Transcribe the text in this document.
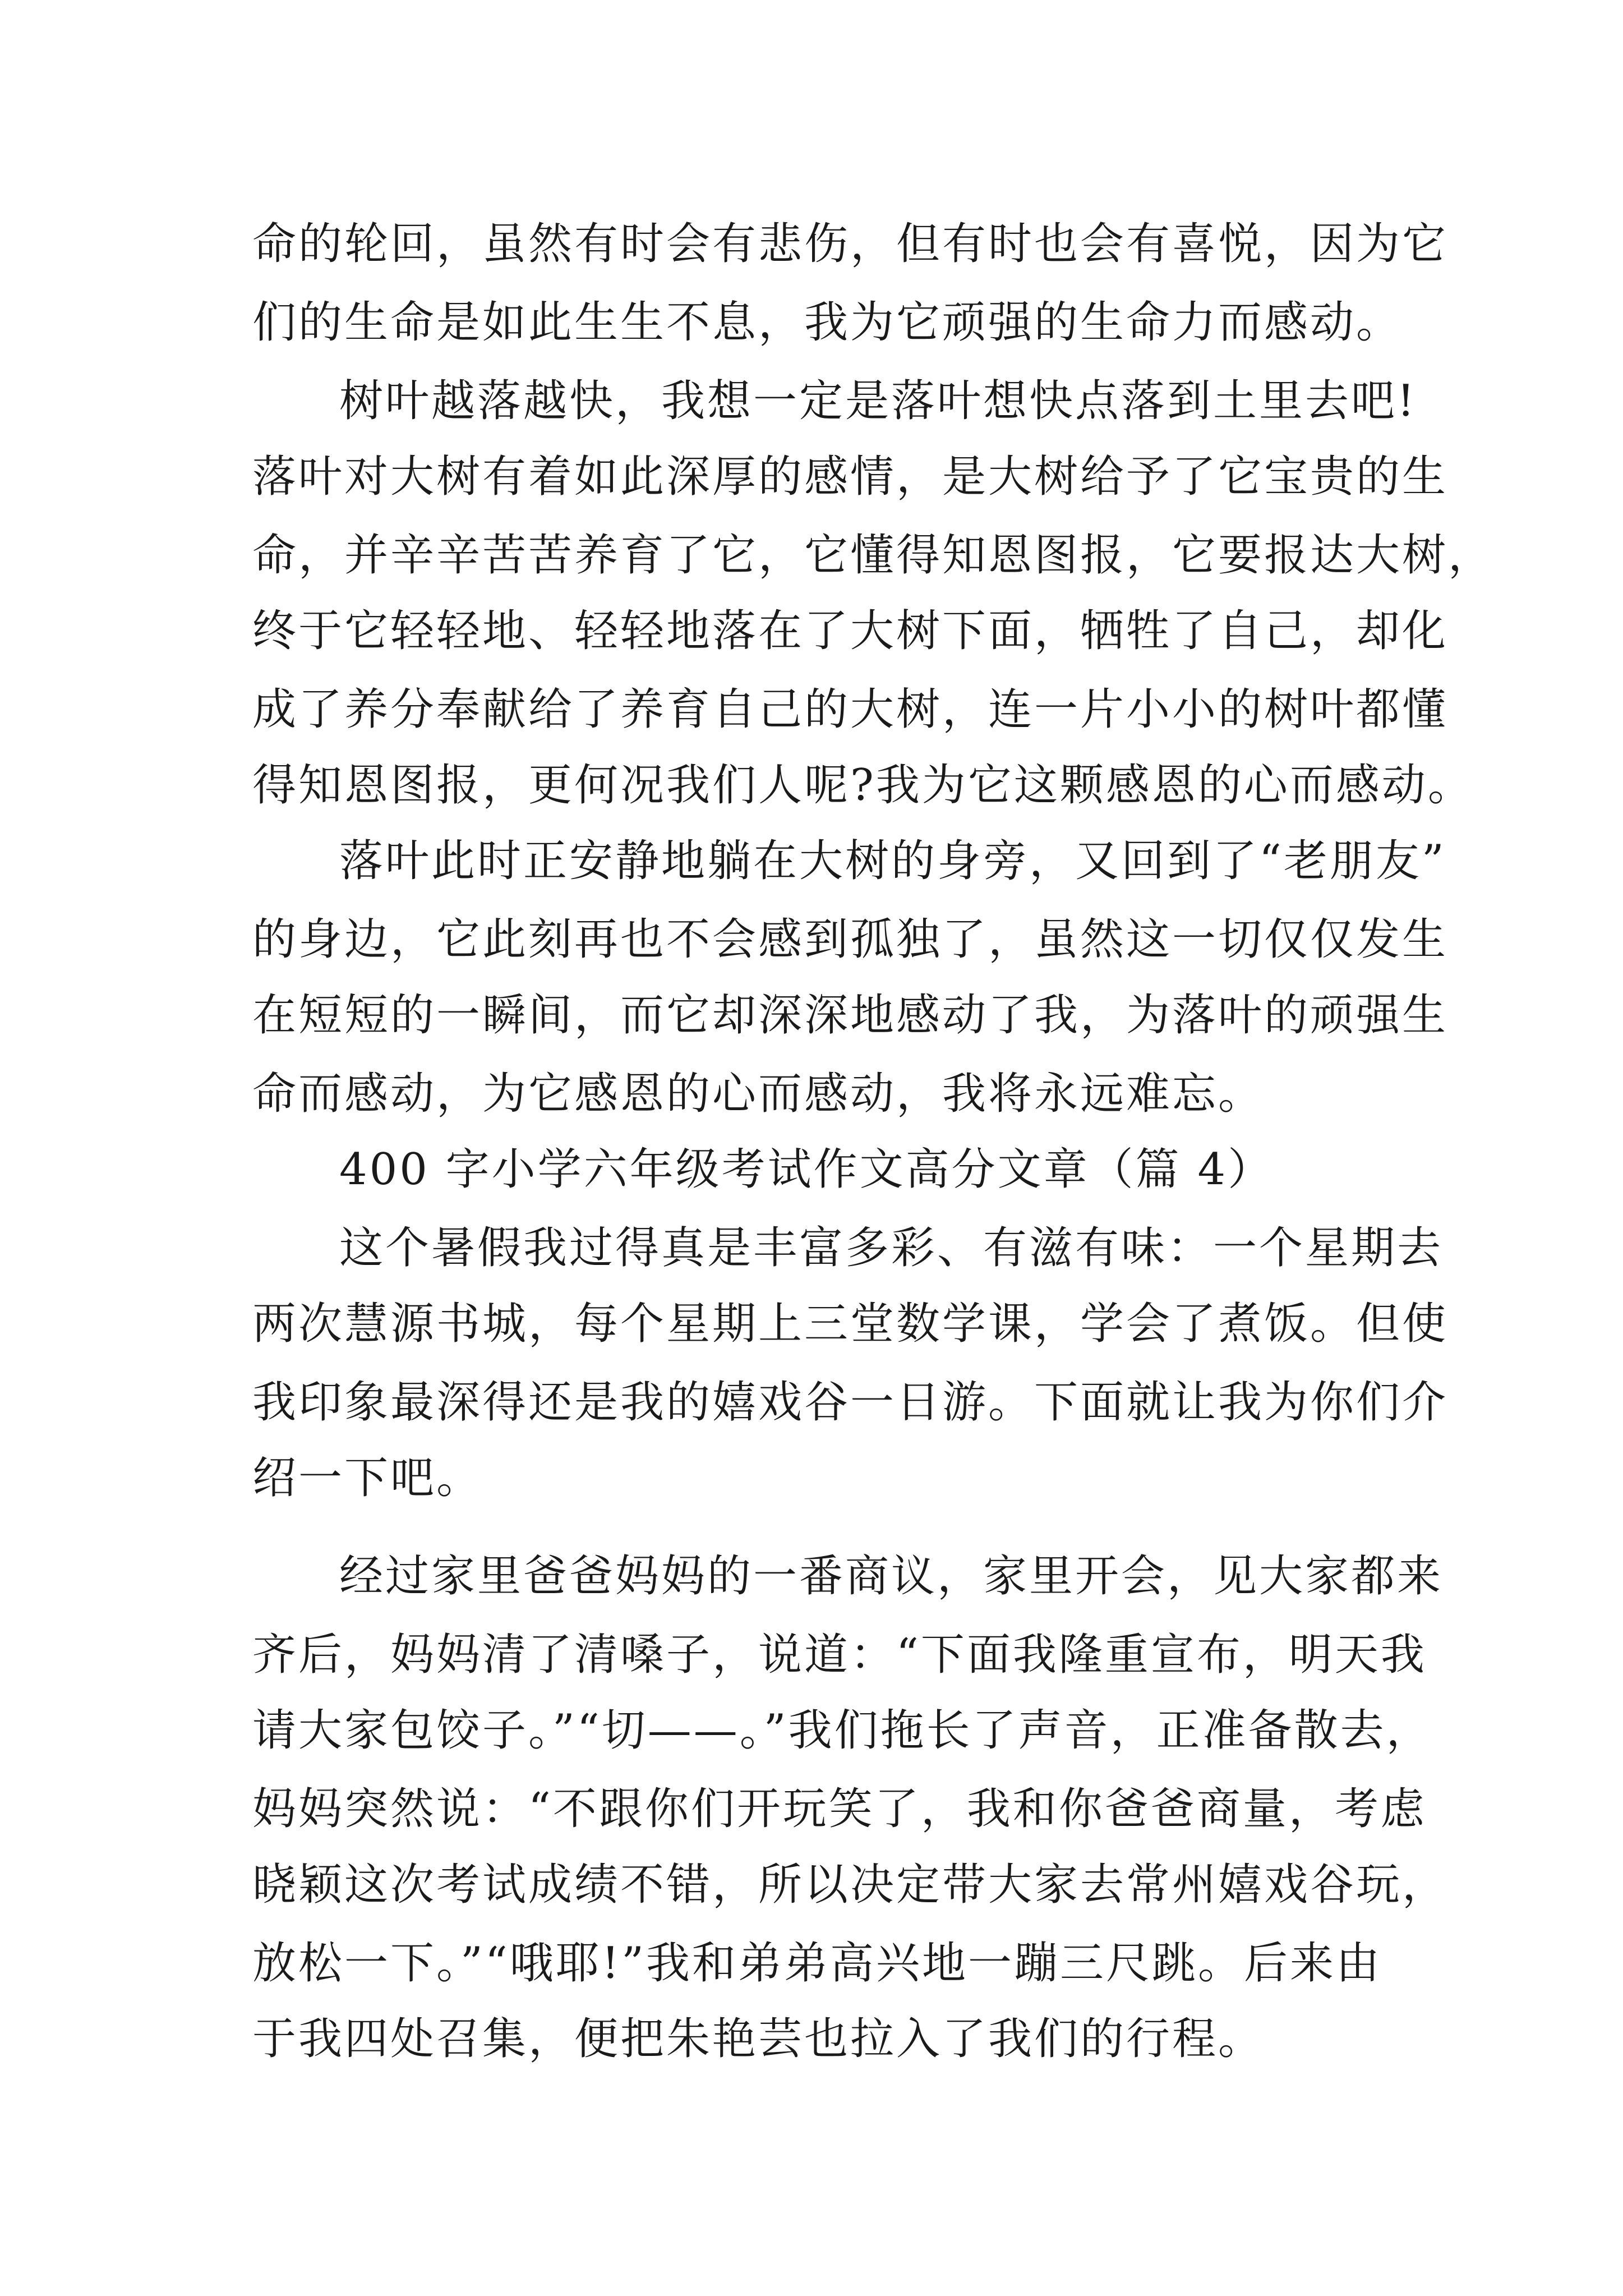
命的轮回，虽然有时会有悲伤，但有时也会有喜悦，因为它
们的生命是如此生生不息，我为它顽强的生命力而感动。
树叶越落越快，我想一定是落叶想快点落到土里去吧!
落叶对大树有着如此深厚的感情，是大树给予了它宝贵的生
命，并辛辛苦苦养育了它，它懂得知恩图报，它要报达大树，
终于它轻轻地、轻轻地落在了大树下面，牺牲了自己，却化
成了养分奉献给了养育自己的大树，连一片小小的树叶都懂
得知恩图报，更何况我们人呢?我为它这颗感恩的心而感动。
落叶此时正安静地躺在大树的身旁，又回到了“老朋友”
的身边，它此刻再也不会感到孤独了，虽然这一切仅仅发生
在短短的一瞬间，而它却深深地感动了我，为落叶的顽强生
命而感动，为它感恩的心而感动，我将永远难忘。
400 字小学六年级考试作文高分文章（篇 4）
这个暑假我过得真是丰富多彩、有滋有味：一个星期去
两次慧源书城，每个星期上三堂数学课，学会了煮饭。但使
我印象最深得还是我的嬉戏谷一日游。下面就让我为你们介
绍一下吧。
经过家里爸爸妈妈的一番商议，家里开会，见大家都来
齐后，妈妈清了清嗓子，说道：“下面我隆重宣布，明天我
请大家包饺子。”“切——。”我们拖长了声音，正准备散去，
妈妈突然说：“不跟你们开玩笑了，我和你爸爸商量，考虑
晓颖这次考试成绩不错，所以决定带大家去常州嬉戏谷玩，
放松一下。”“哦耶!”我和弟弟高兴地一蹦三尺跳。后来由
于我四处召集，便把朱艳芸也拉入了我们的行程。
